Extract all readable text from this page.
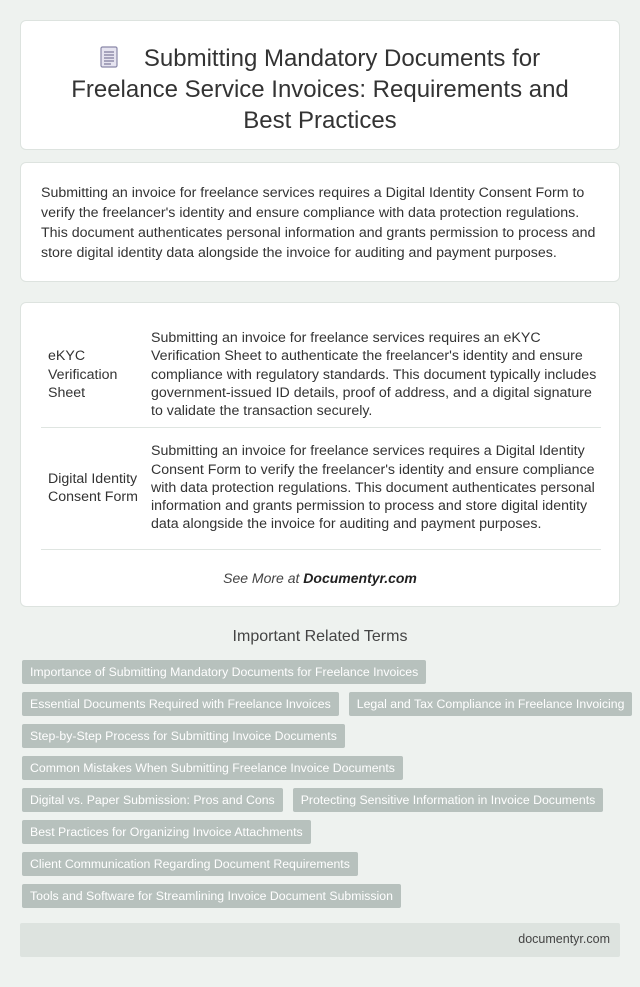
Submitting Mandatory Documents for Freelance Service Invoices: Requirements and Best Practices

Submitting an invoice for freelance services requires a Digital Identity Consent Form to verify the freelancer's identity and ensure compliance with data protection regulations. This document authenticates personal information and grants permission to process and store digital identity data alongside the invoice for auditing and payment purposes.

eKYC Verification Sheet	Submitting an invoice for freelance services requires an eKYC Verification Sheet to authenticate the freelancer's identity and ensure compliance with regulatory standards. This document typically includes government-issued ID details, proof of address, and a digital signature to validate the transaction securely.
Digital Identity Consent Form	Submitting an invoice for freelance services requires a Digital Identity Consent Form to verify the freelancer's identity and ensure compliance with data protection regulations. This document authenticates personal information and grants permission to process and store digital identity data alongside the invoice for auditing and payment purposes.
See More at Documentyr.com
Important Related Terms
Importance of Submitting Mandatory Documents for Freelance Invoices
Essential Documents Required with Freelance Invoices	Legal and Tax Compliance in Freelance Invoicing
Step-by-Step Process for Submitting Invoice Documents
Common Mistakes When Submitting Freelance Invoice Documents
Digital vs. Paper Submission: Pros and Cons	Protecting Sensitive Information in Invoice Documents
Best Practices for Organizing Invoice Attachments
Client Communication Regarding Document Requirements
Tools and Software for Streamlining Invoice Document Submission
documentyr.com
